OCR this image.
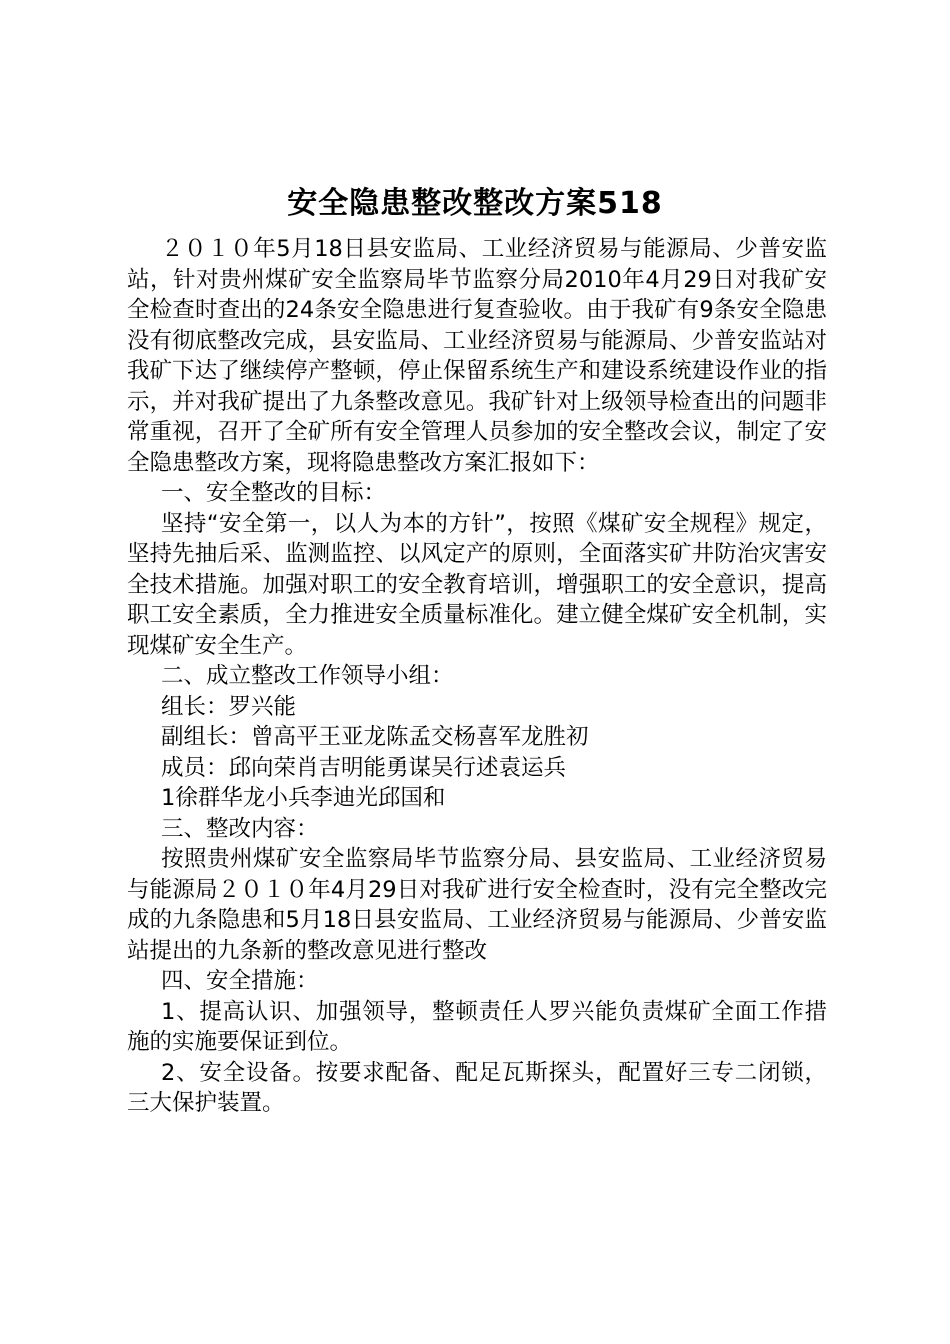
安全隐患整改整改方案518

２０１０年5月18日县安监局、工业经济贸易与能源局、少普安监站，针对贵州煤矿安全监察局毕节监察分局2010年4月29日对我矿安全检查时查出的24条安全隐患进行复查验收。由于我矿有9条安全隐患没有彻底整改完成，县安监局、工业经济贸易与能源局、少普安监站对我矿下达了继续停产整顿，停止保留系统生产和建设系统建设作业的指示，并对我矿提出了九条整改意见。我矿针对上级领导检查出的问题非常重视，召开了全矿所有安全管理人员参加的安全整改会议，制定了安全隐患整改方案，现将隐患整改方案汇报如下：

一、安全整改的目标：

坚持“安全第一，以人为本的方针”，按照《煤矿安全规程》规定，坚持先抽后采、监测监控、以风定产的原则，全面落实矿井防治灾害安全技术措施。加强对职工的安全教育培训，增强职工的安全意识，提高职工安全素质，全力推进安全质量标准化。建立健全煤矿安全机制，实现煤矿安全生产。

二、成立整改工作领导小组：

组长：罗兴能

副组长：曾高平王亚龙陈孟交杨喜军龙胜初

成员：邱向荣肖吉明能勇谋吴行述袁运兵

1徐群华龙小兵李迪光邱国和

三、整改内容：

按照贵州煤矿安全监察局毕节监察分局、县安监局、工业经济贸易与能源局２０１０年4月29日对我矿进行安全检查时，没有完全整改完成的九条隐患和5月18日县安监局、工业经济贸易与能源局、少普安监站提出的九条新的整改意见进行整改

四、安全措施：

1、提高认识、加强领导，整顿责任人罗兴能负责煤矿全面工作措施的实施要保证到位。

2、安全设备。按要求配备、配足瓦斯探头，配置好三专二闭锁，三大保护装置。
